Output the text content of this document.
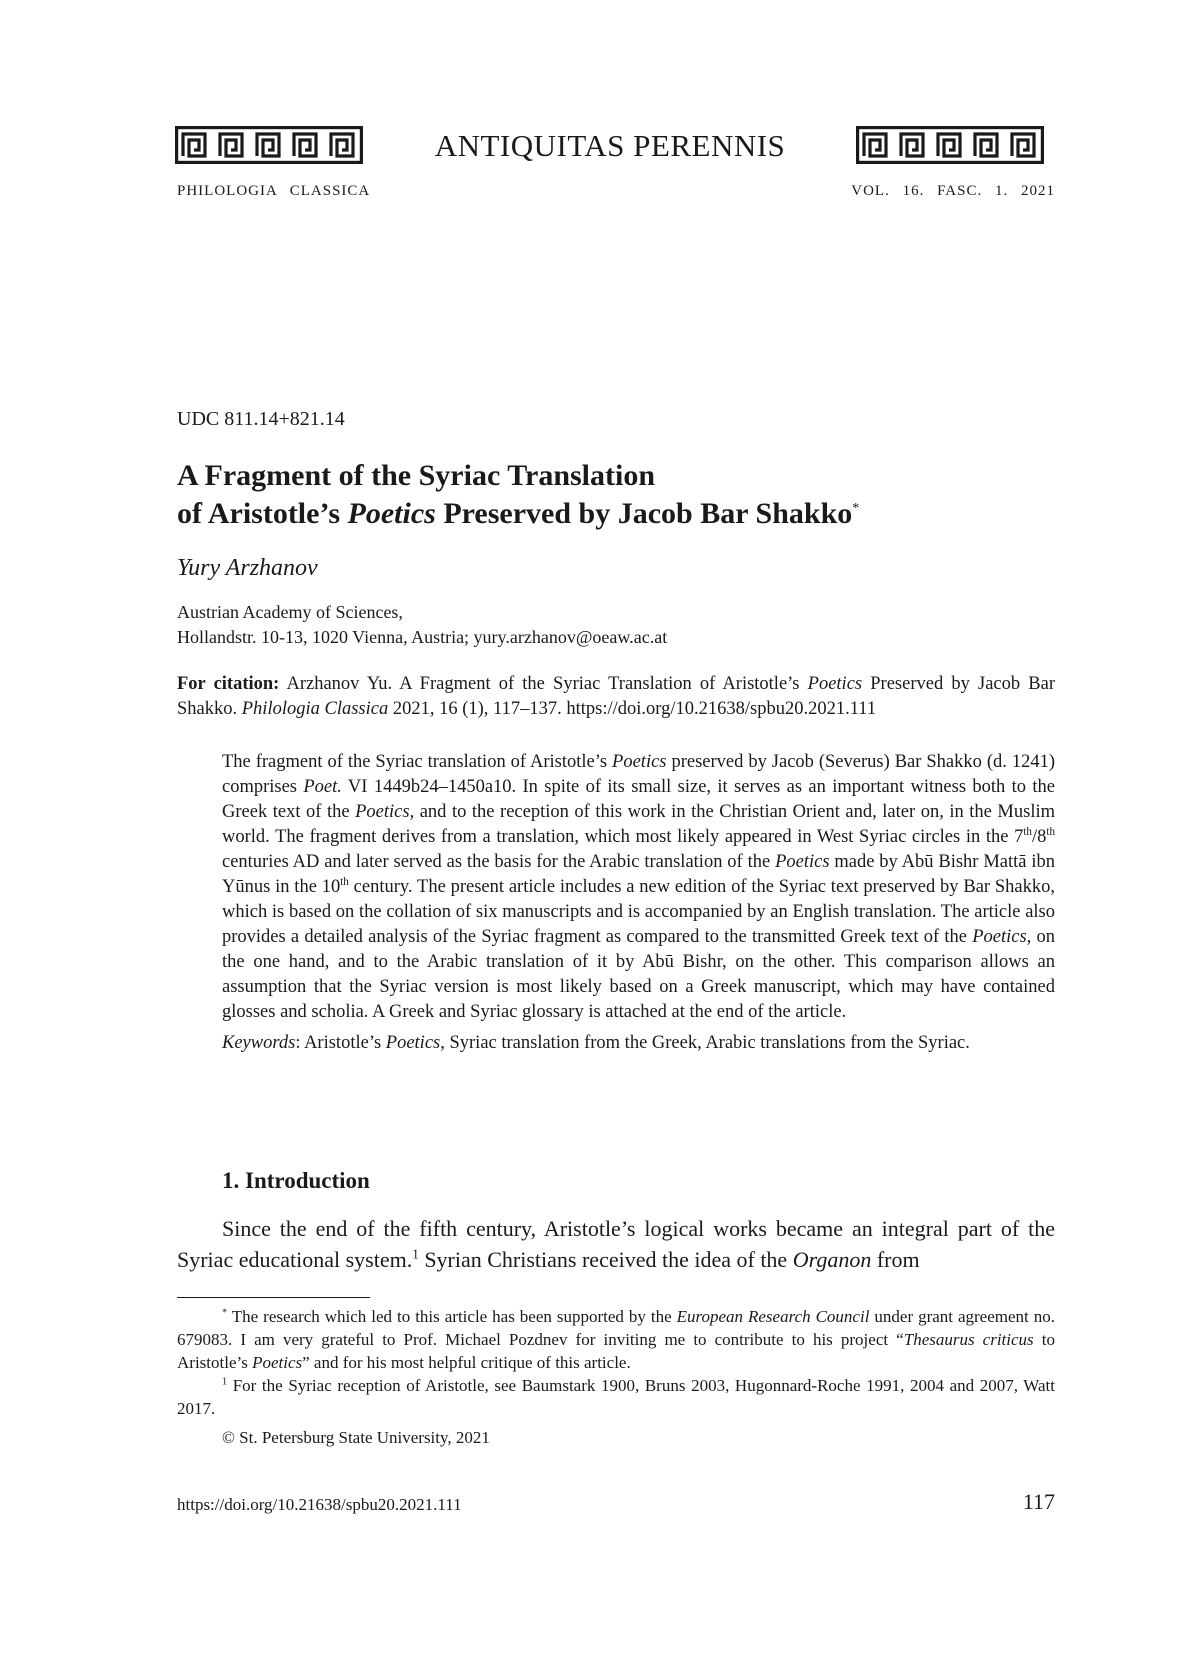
ANTIQUITAS PERENNIS
PHILOLOGIA CLASSICA	VOL. 16. FASC. 1. 2021
UDC 811.14+821.14
A Fragment of the Syriac Translation
of Aristotle’s Poetics Preserved by Jacob Bar Shakko*
Yury Arzhanov
Austrian Academy of Sciences,
Hollandstr. 10-13, 1020 Vienna, Austria; yury.arzhanov@oeaw.ac.at
For citation: Arzhanov Yu. A Fragment of the Syriac Translation of Aristotle’s Poetics Preserved by Jacob Bar Shakko. Philologia Classica 2021, 16 (1), 117–137. https://doi.org/10.21638/spbu20.2021.111

The fragment of the Syriac translation of Aristotle’s Poetics preserved by Jacob (Severus) Bar Shakko (d. 1241) comprises Poet. VI 1449b24–1450a10. In spite of its small size, it serves as an important witness both to the Greek text of the Poetics, and to the reception of this work in the Christian Orient and, later on, in the Muslim world. The fragment derives from a translation, which most likely appeared in West Syriac circles in the 7th/8th centuries AD and later served as the basis for the Arabic translation of the Poetics made by Abū Bishr Mattā ibn Yūnus in the 10th century. The present article includes a new edition of the Syriac text preserved by Bar Shakko, which is based on the collation of six manuscripts and is accompanied by an English translation. The article also provides a detailed analysis of the Syriac fragment as compared to the transmitted Greek text of the Poetics, on the one hand, and to the Arabic translation of it by Abū Bishr, on the other. This comparison allows an assumption that the Syriac version is most likely based on a Greek manuscript, which may have contained glosses and scholia. A Greek and Syriac glossary is attached at the end of the article.

Keywords: Aristotle’s Poetics, Syriac translation from the Greek, Arabic translations from the Syriac.

1. Introduction
Since the end of the fifth century, Aristotle’s logical works became an integral part of the Syriac educational system.$^1$ Syrian Christians received the idea of the Organon from

* The research which led to this article has been supported by the European Research Council under grant agreement no. 679083. I am very grateful to Prof. Michael Pozdnev for inviting me to contribute to his project “Thesaurus criticus to Aristotle’s Poetics” and for his most helpful critique of this article.

$^1$ For the Syriac reception of Aristotle, see Baumstark 1900, Bruns 2003, Hugonnard-Roche 1991, 2004 and 2007, Watt 2017.

© St. Petersburg State University, 2021
https://doi.org/10.21638/spbu20.2021.111	117
